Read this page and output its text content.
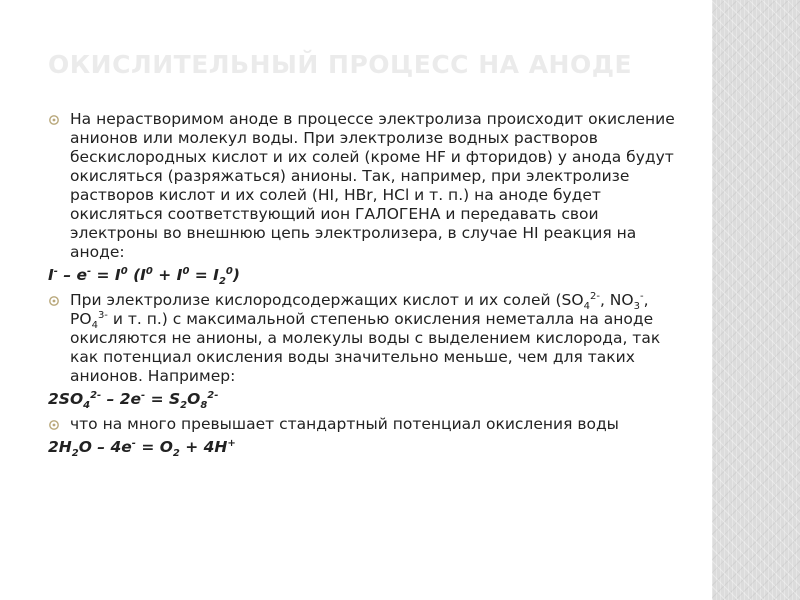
ОКИСЛИТЕЛЬНЫЙ ПРОЦЕСС НА АНОДЕ
На нерастворимом аноде в процессе электролиза происходит окисление анионов или молекул воды. При электролизе водных растворов бескислородных кислот и их солей (кроме HF и фторидов) у анода будут окисляться (разряжаться) анионы. Так, например, при электролизе растворов кислот и их солей (HI, HBr, HCl и т. п.) на аноде будет окисляться соответствующий ион ГАЛОГЕНА и передавать свои электроны во внешнюю цепь электролизера, в случае HI реакция на аноде:
$I^- - e^- = I^0$ $(I^0 + I^0 = I_2^0)$
При электролизе кислородсодержащих кислот и их солей ($SO_4^{2-}$, $NO_3^-$, $PO_4^{3-}$ и т. п.) с максимальной степенью окисления неметалла на аноде окисляются не анионы, а молекулы воды с выделением кислорода, так как потенциал окисления воды значительно меньше, чем для таких анионов. Например:
$2SO_4^{2-} - 2e^- = S_2O_8^{2-}$
что на много превышает стандартный потенциал окисления воды
$2H_2O - 4e^- = O_2 + 4H^+$
